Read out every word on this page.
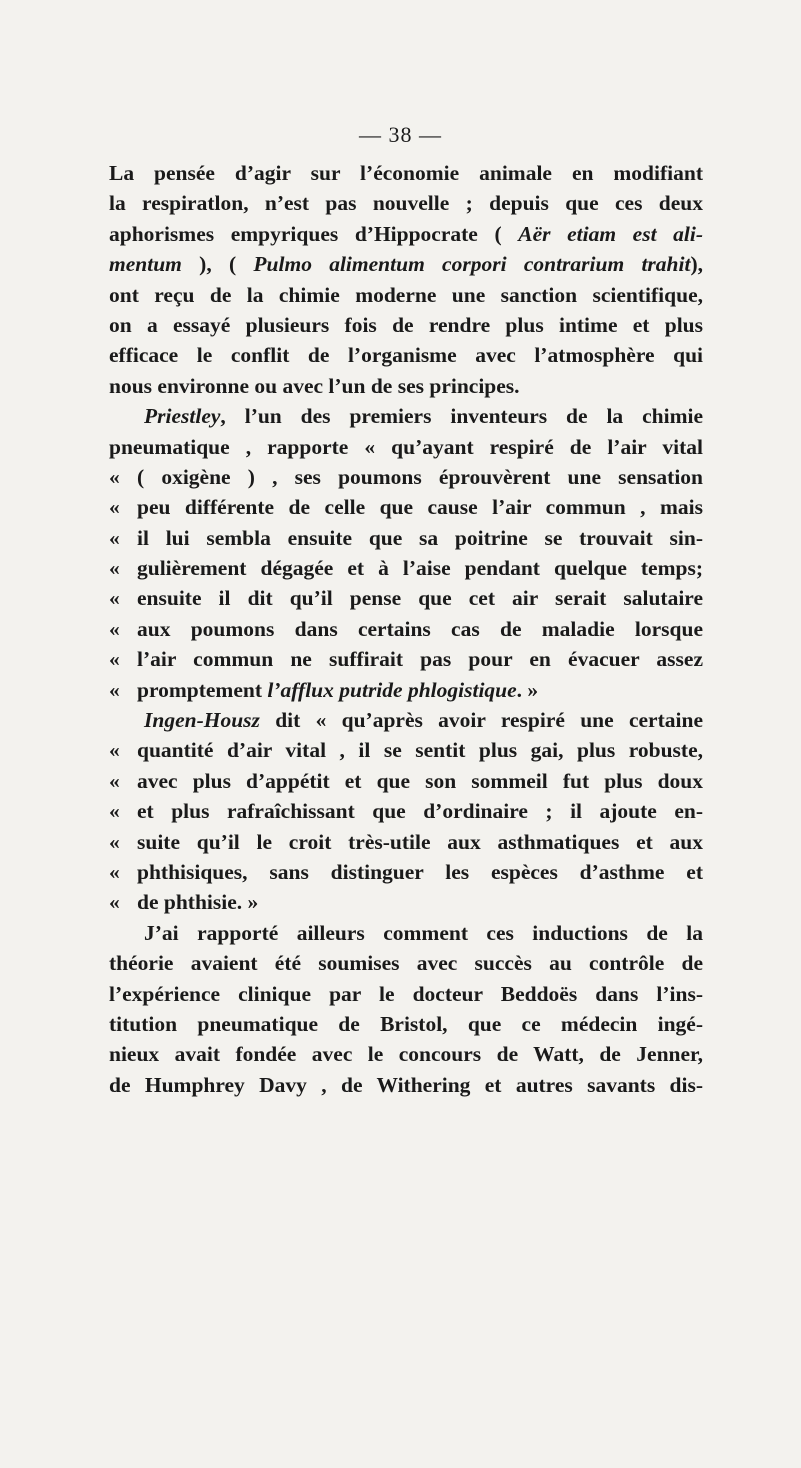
— 38 —
La pensée d’agir sur l’économie animale en modifiant
la respiratlon, n’est pas nouvelle ; depuis que ces deux
aphorismes empyriques d’Hippocrate ( Aër etiam est ali-
mentum ), ( Pulmo alimentum corpori contrarium trahit),
ont reçu de la chimie moderne une sanction scientifique,
on a essayé plusieurs fois de rendre plus intime et plus
efficace le conflit de l’organisme avec l’atmosphère qui
nous environne ou avec l’un de ses principes.
Priestley, l’un des premiers inventeurs de la chimie
pneumatique , rapporte « qu’ayant respiré de l’air vital
« ( oxigène ) , ses poumons éprouvèrent une sensation
« peu différente de celle que cause l’air commun , mais
« il lui sembla ensuite que sa poitrine se trouvait sin-
« gulièrement dégagée et à l’aise pendant quelque temps;
« ensuite il dit qu’il pense que cet air serait salutaire
« aux poumons dans certains cas de maladie lorsque
« l’air commun ne suffirait pas pour en évacuer assez
« promptement l’afflux putride phlogistique. »
Ingen-Housz dit « qu’après avoir respiré une certaine
« quantité d’air vital , il se sentit plus gai, plus robuste,
« avec plus d’appétit et que son sommeil fut plus doux
« et plus rafraîchissant que d’ordinaire ; il ajoute en-
« suite qu’il le croit très-utile aux asthmatiques et aux
« phthisiques, sans distinguer les espèces d’asthme et
« de phthisie. »
J’ai rapporté ailleurs comment ces inductions de la
théorie avaient été soumises avec succès au contrôle de
l’expérience clinique par le docteur Beddoës dans l’ins-
titution pneumatique de Bristol, que ce médecin ingé-
nieux avait fondée avec le concours de Watt, de Jenner,
de Humphrey Davy , de Withering et autres savants dis-
